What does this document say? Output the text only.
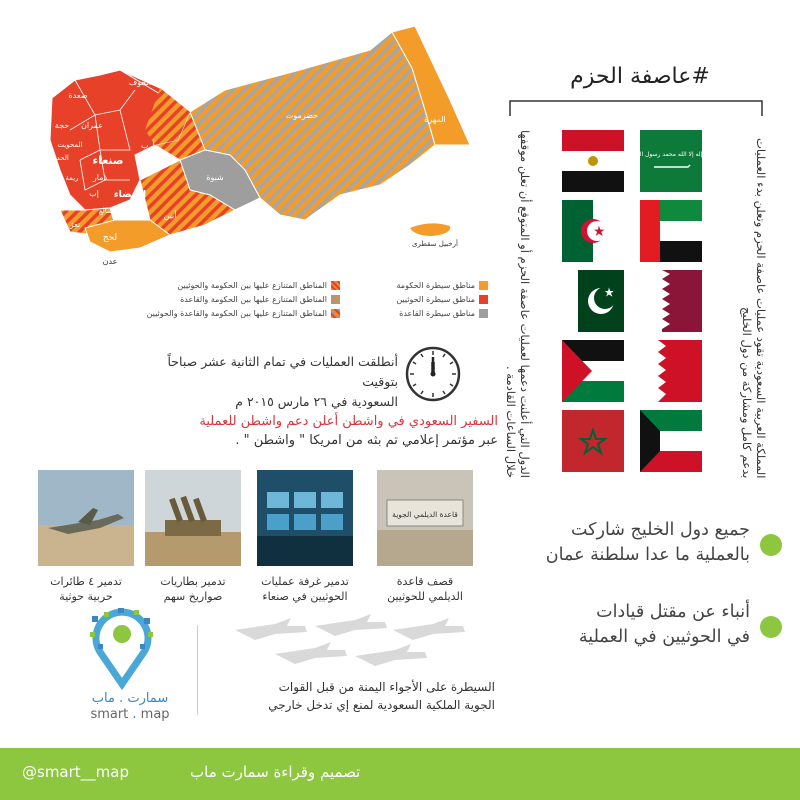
صعدة
الجوف
حجة عمران
المحويت
الحديدة صنعاء
مأرب
ذمار
ريمة
إب البيضاء
الضالع
تعز
لحج
أبين
شبوة
حضرموت	المهرة
عدن
أرخبيل سقطرى
مناطق سيطرة الحكومة
مناطق سيطرة الحوثيين
مناطق سيطرة القاعدة
المناطق المتنازع عليها بين الحكومة والحوثيين
المناطق المتنازع عليها بين الحكومة والقاعدة
المناطق المتنازع عليها بين الحكومة والقاعدة والحوثيين
#عاصفة الحزم
المملكة العربية السعودية تقود عمليات عاصفة الحزم وتعلن بدء العمليات بدعم كامل ومشاركة من دول الخليج
الدول التي أعلنت دعمها لعمليات عاصفة الحزم أو المتوقع أن تعلن موقفها خلال الساعات القادمة .
لا إله إلا الله محمد رسول الله
أنطلقت العمليات في تمام الثانية عشر صباحاً بتوقيت
السعودية في ٢٦ مارس ٢٠١٥ م
السفير السعودي في واشطن أعلن دعم واشطن للعملية
عبر مؤتمر إعلامي تم بثه من امريكا " واشطن " .
قاعدة الديلمي الجوية
قصف قاعدة
الديلمي للحوثيين
تدمير غرفة عمليات
الحوثيين في صنعاء
تدمير بطاريات
صواريخ سهم
تدمير ٤ طائرات
حربية حوثية
سمارت . ماب
smart . map
السيطرة على الأجواء اليمنة من قبل القوات
الجوية الملكية السعودية لمنع إي تدخل خارجي
جميع دول الخليج شاركت
بالعملية ما عدا سلطنة عمان
أنباء عن مقتل قيادات
في الحوثيين في العملية
تصميم وقراءة سمارت ماب
@smart__map
